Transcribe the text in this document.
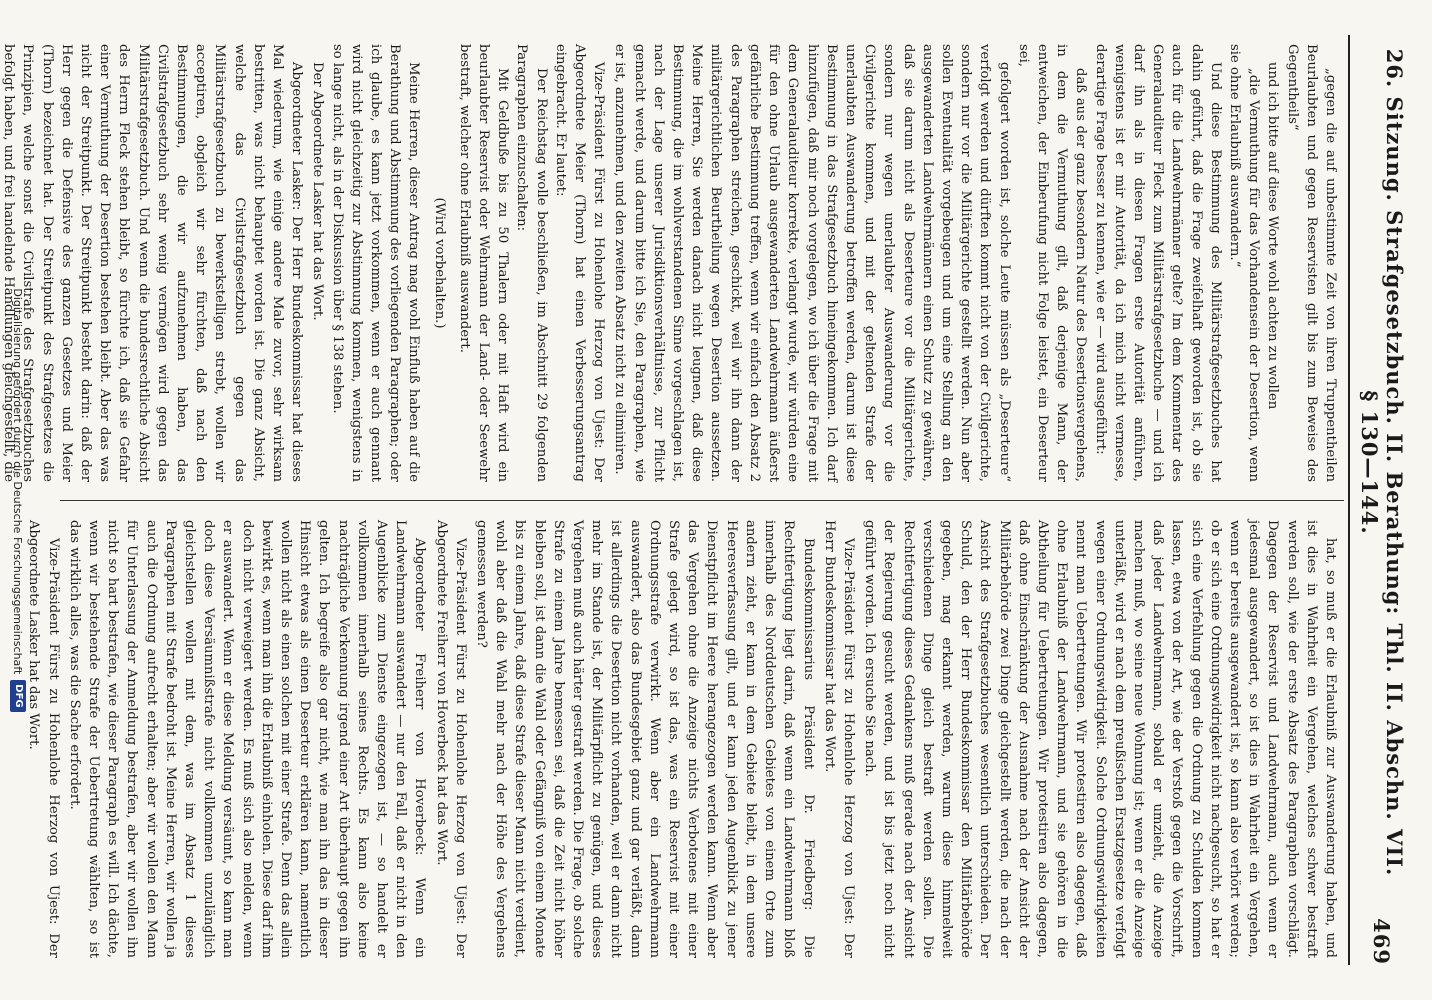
26. Sitzung. Strafgesetzbuch. II. Berathung: Thl. II. Abschn. VII. § 130—144.
469

„gegen die auf unbestimmte Zeit von ihren Truppentheilen Beurlaubten und gegen Reservisten gilt bis zum Beweise des Gegentheils“

und ich bitte auf diese Worte wohl achten zu wollen

„die Vermuthung für das Vorhandensein der Desertion, wenn sie ohne Erlaubniß auswandern.“

Und diese Bestimmung des Militärstrafgesetzbuches hat dahin geführt, daß die Frage zweifelhaft geworden ist, ob sie auch für die Landwehrmänner gelte? Im dem Kommentar des Generalauditeur Fleck zum Militärstrafgesetzbuche — und ich darf ihn als in diesen Fragen erste Autorität anführen, wenigstens ist er mir Autorität, da ich mich nicht vermesse, derartige Frage besser zu kennen, wie er — wird ausgeführt:

daß aus der ganz besondern Natur des Desertionsvergehens, in dem die Vermuthung gilt, daß derjenige Mann, der entweichen, der Einberufung nicht Folge leistet, ein Deserteur sei,

gefolgert worden ist, solche Leute müssen als „Deserteure“ verfolgt werden und dürften kommt nicht von der Civilgerichte, sondern nur vor die Militärgerichte gestellt werden. Nun aber sollen Eventualität vorgebeugen und um eine Stellung an den ausgewanderten Landwehrmännern einen Schutz zu gewähren, daß sie darum nicht als Deserteure vor die Militärgerichte, sondern nur wegen unerlaubter Auswanderung vor die Civilgerichte kommen, und mit der geltenden Strafe der unerlaubten Auswanderung betroffen werden, darum ist diese Bestimmung in das Strafgesetzbuch hineingekommen. Ich darf hinzufügen, daß mir noch vorgelegen, wo ich über die Frage mit dem Generalauditeur korrekte, verlangt wurde, wir würden eine für den ohne Urlaub ausgewanderten Landwehrmann äußerst gefährliche Bestimmung treffen, wenn wir einfach den Absatz 2 des Paragraphen streichen, geschickt, weil wir ihn dann der militärgerichtlichen Beurtheilung wegen Desertion aussetzen. Meine Herren, Sie werden danach nicht leugnen, daß diese Bestimmung, die im wohlverstandenen Sinne vorgeschlagen ist, nach der Lage unserer Jurisdiktionsverhältnisse, zur Pflicht gemacht werde, und darum bitte ich Sie, den Paragraphen, wie er ist, anzunehmen, und den zweiten Absatz nicht zu eliminiren.

Vize-Präsident Fürst zu Hohenlohe Herzog von Ujest: Der Abgeordnete Meier (Thorn) hat einen Verbesserungsantrag eingebracht. Er lautet:

Der Reichstag wolle beschließen, im Abschnitt 29 folgenden Paragraphen einzuschalten:

Mit Geldbuße bis zu 50 Thalern oder mit Haft wird ein beurlaubter Reservist oder Wehrmann der Land- oder Seewehr bestraft, welcher ohne Erlaubniß auswandert.

(Wird vorbehalten.)

Meine Herren, dieser Antrag mag wohl Einfluß haben auf die Berathung und Abstimmung des vorliegenden Paragraphen; oder ich glaube, es kann jetzt vorkommen, wenn er auch gennant wird nicht gleichzeitig zur Abstimmung kommen, wenigstens in so lange nicht, als in der Diskussion über § 138 stehen.

Der Abgeordnete Lasker hat das Wort.

Abgeordneter Lasker: Der Herr Bundeskommissar hat dieses Mal wiederum, wie einige andere Male zuvor, sehr wirksam bestritten, was nicht behauptet worden ist. Die ganz Absicht, welche das Civilstrafgesetzbuch gegen das Militärstrafgesetzbuch zu bewerkstelligen strebt, wollen wir acceptiren, obgleich wir sehr fürchten, daß nach den Bestimmungen, die wir aufzunehmen haben, das Civilstrafgesetzbuch sehr wenig vermögen wird gegen das Militärstrafgesetzbuch. Und wenn die bundesrechtliche Absicht des Herrn Fleck stehen bleibt, so fürchte ich, daß sie Gefahr einer Vermuthung der Desertion bestehen bleibt. Aber das was nicht der Streitpunkt. Der Streitpunkt besteht darin: daß der Herr gegen die Defensive des ganzen Gesetzes und Meier (Thorn) bezeichnet hat. Der Streitpunkt des Strafgesetzes die Prinzipien, welche sonst die Civilstrafe des Strafgesetzbuches befolgt haben, und frei handelnde Handlungen gleichgestellt, die

hat, so muß er die Erlaubniß zur Auswanderung haben, und ist dies in Wahrheit ein Vergehen, welches schwer bestraft werden soll, wie der erste Absatz des Paragraphen vorschlägt. Dagegen der Reservist und Landwehrmann, auch wenn er jedesmal ausgewandert, so ist dies in Wahrheit ein Vergehen, wenn er bereits ausgewandert ist, so kann also verhört werden; ob er sich eine Ordnungswidrigkeit nicht nachgesucht, so hat er sich eine Verfehlung gegen die Ordnung zu Schulden kommen lassen, etwa von der Art, wie der Verstoß gegen die Vorschrift, daß jeder Landwehrmann, sobald er umzieht, die Anzeige machen muß, wo seine neue Wohnung ist; wenn er die Anzeige unterläßt, wird er nach dem preußischen Ersatzgesetze verfolgt wegen einer Ordnungswidrigkeit. Solche Ordnungswidrigkeiten nennt man Uebertretungen. Wir protestiren also dagegen, daß ohne Erlaubniß der Landwehrmann, und sie gehören in die Abtheilung für Uebertretungen. Wir protestiren also dagegen, daß ohne Einschränkung der Ausnahme nach der Ansicht der Militärbehörde zwei Dinge gleichgestellt werden, die nach der Ansicht des Strafgesetzbuches wesentlich unterschieden. Der Schuld, den der Herr Bundeskommissar den Militärbehörde gegeben, mag erkannt werden, warum diese himmelweit verschiedenen Dinge gleich bestraft werden sollen. Die Rechtfertigung dieses Gedankens muß gerade nach der Ansicht der Regierung gesucht werden, und ist bis jetzt noch nicht geführt worden. Ich ersuche Sie nach.

Vize-Präsident Fürst zu Hohenlohe Herzog von Ujest: Der Herr Bundeskommissar hat das Wort.

Bundeskommissarius Präsident Dr. Friedberg: Die Rechtfertigung liegt darin, daß wenn ein Landwehrmann bloß innerhalb des Norddeutschen Gebietes von einem Orte zum andern zieht, er kann in dem Gebiete bleibt, in dem unsere Heeresverfassung gilt, und er kann jeden Augenblick zu jener Dienstpflicht im Heere herangezogen werden kann. Wenn aber das Vergehen ohne die Anzeige nichts Verbotenes mit einer Strafe gelegt wird, so ist das, was ein Reservist mit einer Ordnungsstrafe verwirkt. Wenn aber ein Landwehrmann auswandert, also das Bundesgebiet ganz und gar verläßt, dann ist allerdings die Desertion nicht vorhanden, weil er dann nicht mehr im Stande ist, der Militärpflicht zu genügen, und dieses Vergehen muß auch härter gestraft werden. Die Frage, ob solche Strafe zu einem Jahre bemessen sei, daß die Zeit nicht höher bleiben soll, ist dann die Wahl oder Gefängniß von einem Monate bis zu einem Jahre, daß diese Strafe dieser Mann nicht verdient, wohl aber daß die Wahl mehr nach der Höhe des Vergehens gemessen werden?

Vize-Präsident Fürst zu Hohenlohe Herzog von Ujest: Der Abgeordnete Freiherr von Hoverbeck hat das Wort.

Abgeordneter Freiherr von Hoverbeck: Wenn ein Landwehrmann auswandert — nur den Fall, daß er nicht in den Augenblicke zum Dienste eingezogen ist, — so handelt er vollkommen innerhalb seines Rechts. Es kann also keine nachträgliche Verkennung irgend einer Art überhaupt gegen ihn gelten. Ich begreife also gar nicht, wie man ihn das in dieser Hinsicht etwas als einen Deserteur erklären kann, namentlich wollen nicht als einen solchen mit einer Strafe. Denn das allein bewirkt es, wenn man ihn die Erlaubniß einholen. Diese darf ihm doch nicht verweigert werden. Es muß sich also melden, wenn er auswandert. Wenn er diese Meldung versäumt, so kann man doch diese Versäumnißstrafe nicht vollkommen unzulänglich gleichstellen wollen mit dem, was im Absatz 1 dieses Paragraphen mit Strafe bedroht ist. Meine Herren, wir wollen ja auch die Ordnung aufrecht erhalten; aber wir wollen den Mann für Unterlassung der Anmeldung bestrafen, aber wir wollen ihn nicht so hart bestrafen, wie dieser Paragraph es will. Ich dächte, wenn wir bestehende Strafe der Uebertretung wählten, so ist das wirklich alles, was die Sache erfordert.

Vize-Präsident Fürst zu Hohenlohe Herzog von Ujest: Der Abgeordnete Lasker hat das Wort.

Digitalisierung gefördert durch die Deutsche Forschungsgemeinschaft
DFG
